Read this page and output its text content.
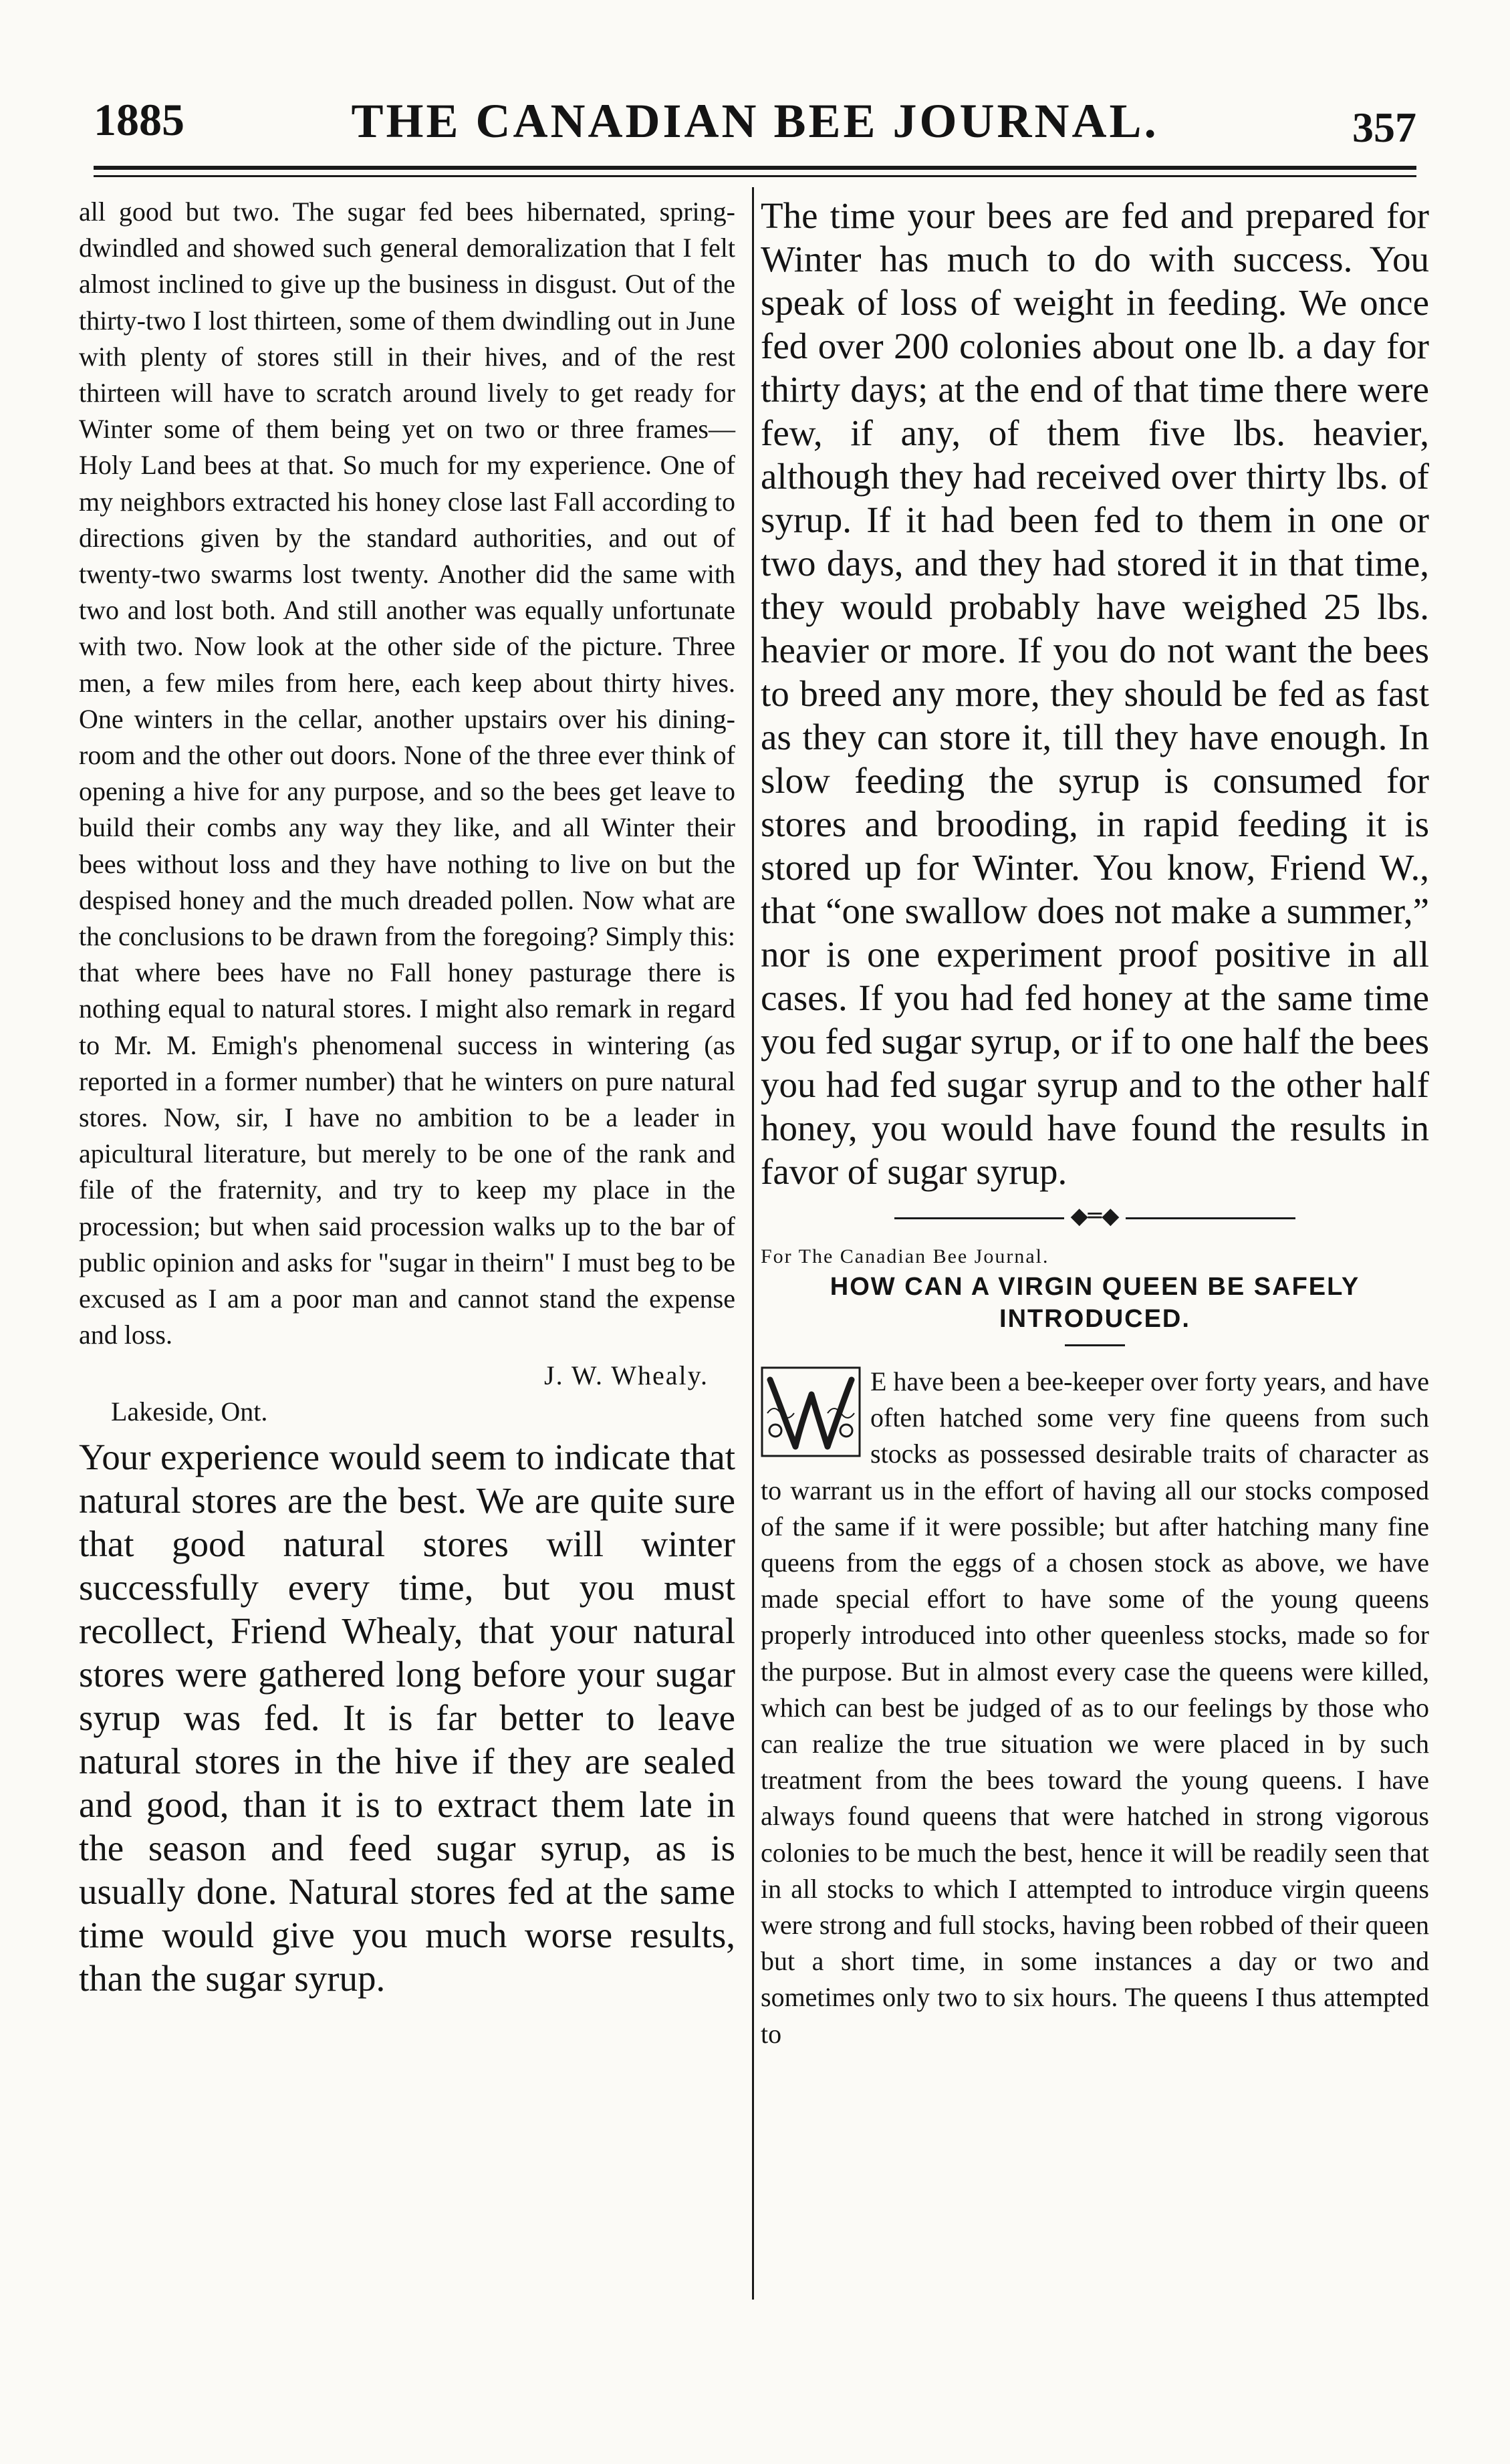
1885	THE CANADIAN BEE JOURNAL.	357

all good but two. The sugar fed bees hibernated, spring-dwindled and showed such general demoralization that I felt almost inclined to give up the business in disgust. Out of the thirty-two I lost thirteen, some of them dwindling out in June with plenty of stores still in their hives, and of the rest thirteen will have to scratch around lively to get ready for Winter some of them being yet on two or three frames—Holy Land bees at that. So much for my experience. One of my neighbors extracted his honey close last Fall according to directions given by the standard authorities, and out of twenty-two swarms lost twenty. Another did the same with two and lost both. And still another was equally unfortunate with two. Now look at the other side of the picture. Three men, a few miles from here, each keep about thirty hives. One winters in the cellar, another upstairs over his dining-room and the other out doors. None of the three ever think of opening a hive for any purpose, and so the bees get leave to build their combs any way they like, and all Winter their bees without loss and they have nothing to live on but the despised honey and the much dreaded pollen. Now what are the conclusions to be drawn from the foregoing? Simply this: that where bees have no Fall honey pasturage there is nothing equal to natural stores. I might also remark in regard to Mr. M. Emigh's phenomenal success in wintering (as reported in a former number) that he winters on pure natural stores. Now, sir, I have no ambition to be a leader in apicultural literature, but merely to be one of the rank and file of the fraternity, and try to keep my place in the procession; but when said procession walks up to the bar of public opinion and asks for "sugar in theirn" I must beg to be excused as I am a poor man and cannot stand the expense and loss.

J. W. Whealy.
Lakeside, Ont.

Your experience would seem to indicate that natural stores are the best. We are quite sure that good natural stores will winter successfully every time, but you must recollect, Friend Whealy, that your natural stores were gathered long before your sugar syrup was fed. It is far better to leave natural stores in the hive if they are sealed and good, than it is to extract them late in the season and feed sugar syrup, as is usually done. Natural stores fed at the same time would give you much worse results, than the sugar syrup.

The time your bees are fed and prepared for Winter has much to do with success. You speak of loss of weight in feeding. We once fed over 200 colonies about one lb. a day for thirty days; at the end of that time there were few, if any, of them five lbs. heavier, although they had received over thirty lbs. of syrup. If it had been fed to them in one or two days, and they had stored it in that time, they would probably have weighed 25 lbs. heavier or more. If you do not want the bees to breed any more, they should be fed as fast as they can store it, till they have enough. In slow feeding the syrup is consumed for stores and brooding, in rapid feeding it is stored up for Winter. You know, Friend W., that “one swallow does not make a summer,” nor is one experiment proof positive in all cases. If you had fed honey at the same time you fed sugar syrup, or if to one half the bees you had fed sugar syrup and to the other half honey, you would have found the results in favor of sugar syrup.

◆═◆
For The Canadian Bee Journal.
HOW CAN A VIRGIN QUEEN BE SAFELY INTRODUCED.

E have been a bee-keeper over forty years, and have often hatched some very fine queens from such stocks as possessed desirable traits of character as to warrant us in the effort of having all our stocks composed of the same if it were possible; but after hatching many fine queens from the eggs of a chosen stock as above, we have made special effort to have some of the young queens properly introduced into other queenless stocks, made so for the purpose. But in almost every case the queens were killed, which can best be judged of as to our feelings by those who can realize the true situation we were placed in by such treatment from the bees toward the young queens. I have always found queens that were hatched in strong vigorous colonies to be much the best, hence it will be readily seen that in all stocks to which I attempted to introduce virgin queens were strong and full stocks, having been robbed of their queen but a short time, in some instances a day or two and sometimes only two to six hours. The queens I thus attempted to
